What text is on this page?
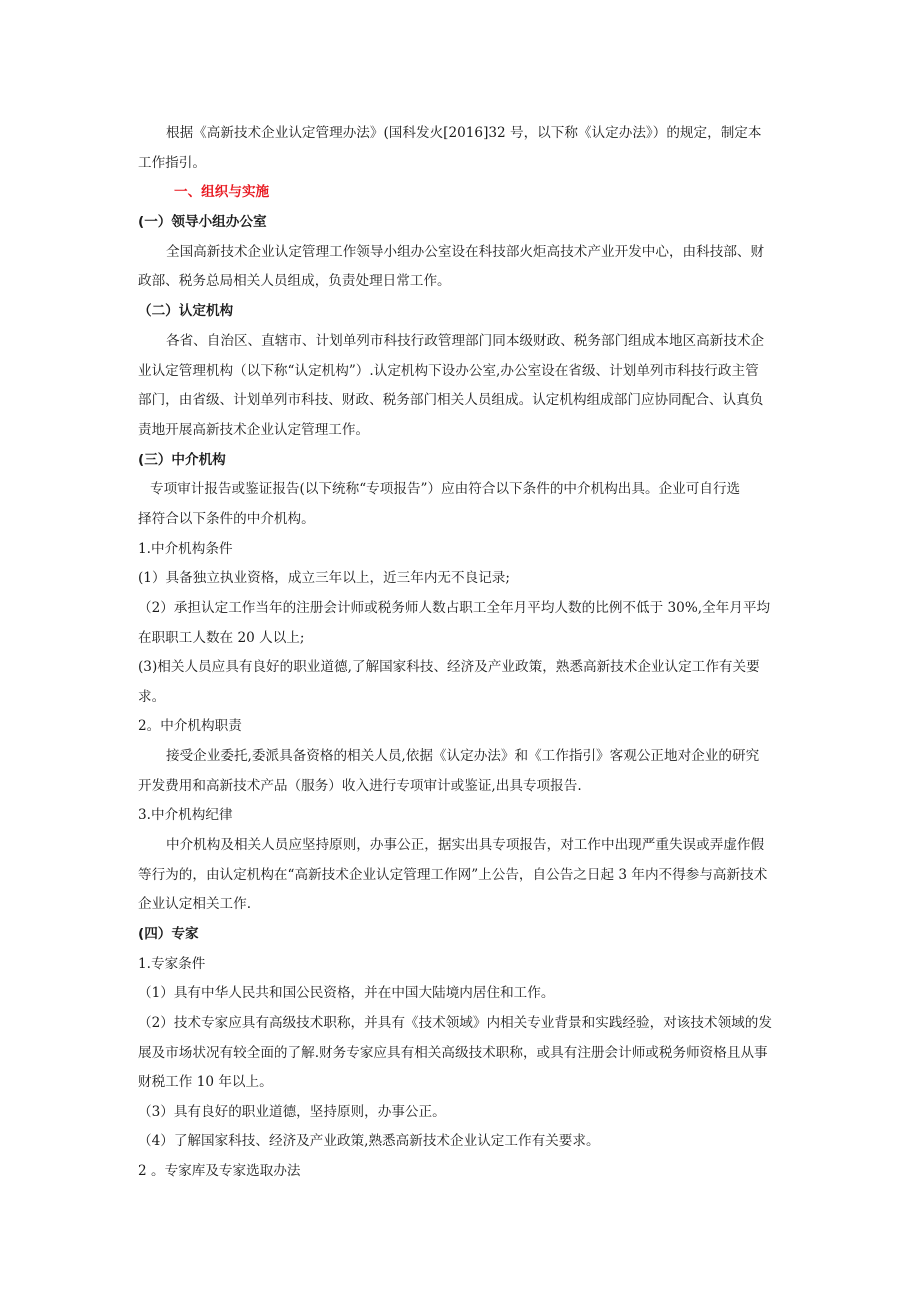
根据《高新技术企业认定管理办法》(国科发火[2016]32 号，以下称《认定办法》）的规定，制定本
工作指引。
一、组织与实施
(一）领导小组办公室
全国高新技术企业认定管理工作领导小组办公室设在科技部火炬高技术产业开发中心，由科技部、财
政部、税务总局相关人员组成，负责处理日常工作。
（二）认定机构
各省、自治区、直辖市、计划单列市科技行政管理部门同本级财政、税务部门组成本地区高新技术企
业认定管理机构（以下称“认定机构”）.认定机构下设办公室,办公室设在省级、计划单列市科技行政主管
部门，由省级、计划单列市科技、财政、税务部门相关人员组成。认定机构组成部门应协同配合、认真负
责地开展高新技术企业认定管理工作。
(三）中介机构
专项审计报告或鉴证报告(以下统称“专项报告”）应由符合以下条件的中介机构出具。企业可自行选
择符合以下条件的中介机构。
1.中介机构条件
(1）具备独立执业资格，成立三年以上，近三年内无不良记录;
（2）承担认定工作当年的注册会计师或税务师人数占职工全年月平均人数的比例不低于 30%,全年月平均
在职职工人数在 20 人以上;
(3)相关人员应具有良好的职业道德,了解国家科技、经济及产业政策，熟悉高新技术企业认定工作有关要
求。
2。中介机构职责
接受企业委托,委派具备资格的相关人员,依据《认定办法》和《工作指引》客观公正地对企业的研究
开发费用和高新技术产品（服务）收入进行专项审计或鉴证,出具专项报告.
3.中介机构纪律
中介机构及相关人员应坚持原则，办事公正，据实出具专项报告，对工作中出现严重失误或弄虚作假
等行为的，由认定机构在“高新技术企业认定管理工作网”上公告，自公告之日起 3 年内不得参与高新技术
企业认定相关工作.
(四）专家
1.专家条件
（1）具有中华人民共和国公民资格，并在中国大陆境内居住和工作。
（2）技术专家应具有高级技术职称，并具有《技术领域》内相关专业背景和实践经验，对该技术领域的发
展及市场状况有较全面的了解.财务专家应具有相关高级技术职称，或具有注册会计师或税务师资格且从事
财税工作 10 年以上。
（3）具有良好的职业道德，坚持原则，办事公正。
（4）了解国家科技、经济及产业政策,熟悉高新技术企业认定工作有关要求。
2 。专家库及专家选取办法
